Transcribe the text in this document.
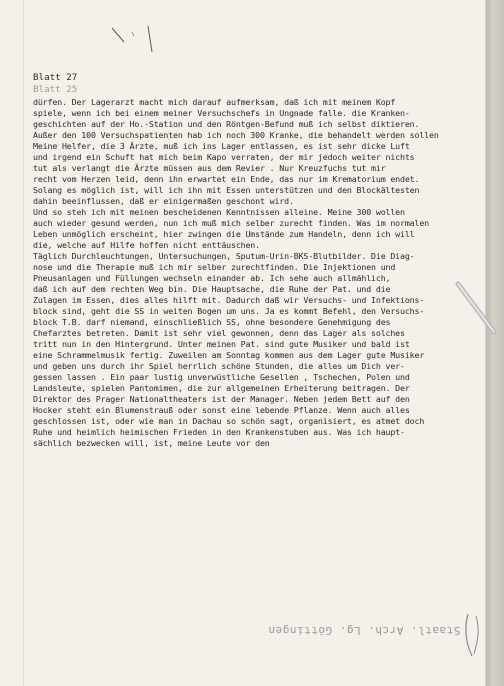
Blatt 27
Blatt 25
dürfen. Der Lagerarzt macht mich darauf aufmerksam, daß ich mit meinem Kopf
spiele, wenn ich bei einem meiner Versuchschefs in Ungnade falle. die Kranken-
geschichten auf der Ho.-Station und den Röntgen-Befund muß ich selbst diktieren.
Außer den 100 Versuchspatienten hab ich noch 300 Kranke, die behandelt werden sollen
Meine Helfer, die 3 Ärzte, muß ich ins Lager entlassen, es ist sehr dicke Luft
und irgend ein Schuft hat mich beim Kapo verraten, der mir jedoch weiter nichts
tut als verlangt die Ärzte müssen aus dem Revier . Nur Kreuzfuchs tut mir
recht vom Herzen leid, denn ihn erwartet ein Ende, das nur im Krematorium endet.
Solang es möglich ist, will ich ihn mit Essen unterstützen und den Blockältesten
dahin beeinflussen, daß er einigermaßen geschont wird.
Und so steh ich mit meinen bescheidenen Kenntnissen alleine. Meine 300 wollen
auch wieder gesund werden, nun ich muß mich selber zurecht finden. Was im normalen
Leben unmöglich erscheint, hier zwingen die Umstände zum Handeln, denn ich will
die, welche auf Hilfe hoffen nicht enttäuschen.
Täglich Durchleuchtungen, Untersuchungen, Sputum-Urin-BKS-Blutbilder. Die Diag-
nose und die Therapie muß ich mir selber zurechtfinden. Die Injektionen und
Pneusanlagen und Füllungen wechseln einander ab. Ich sehe auch allmählich,
daß ich auf dem rechten Weg bin. Die Hauptsache, die Ruhe der Pat. und die
Zulagen im Essen, dies alles hilft mit. Dadurch daß wir Versuchs- und Infektions-
block sind, geht die SS in weiten Bogen um uns. Ja es kommt Befehl, den Versuchs-
block T.B. darf niemand, einschließlich SS, ohne besondere Genehmigung des
Chefarztes betreten. Damit ist sehr viel gewonnen, denn das Lager als solches
tritt nun in den Hintergrund. Unter meinen Pat. sind gute Musiker und bald ist
eine Schrammelmusik fertig. Zuweilen am Sonntag kommen aus dem Lager gute Musiker
und geben uns durch ihr Spiel herrlich schöne Stunden, die alles um Dich ver-
gessen lassen . Ein paar lustig unverwüstliche Gesellen , Tschechen, Polen und
Landsleute, spielen Pantomimen, die zur allgemeinen Erheiterung beitragen. Der
Direktor des Prager Nationaltheaters ist der Manager. Neben jedem Bett auf den
Hocker steht ein Blumenstrauß oder sonst eine lebende Pflanze. Wenn auch alles
geschlossen ist, oder wie man in Dachau so schön sagt, organisiert, es atmet doch
Ruhe und heimlich heimischen Frieden in den Krankenstuben aus. Was ich haupt-
sächlich bezwecken will, ist, meine Leute vor den
Staatl. Arch. Lg. Göttingen
